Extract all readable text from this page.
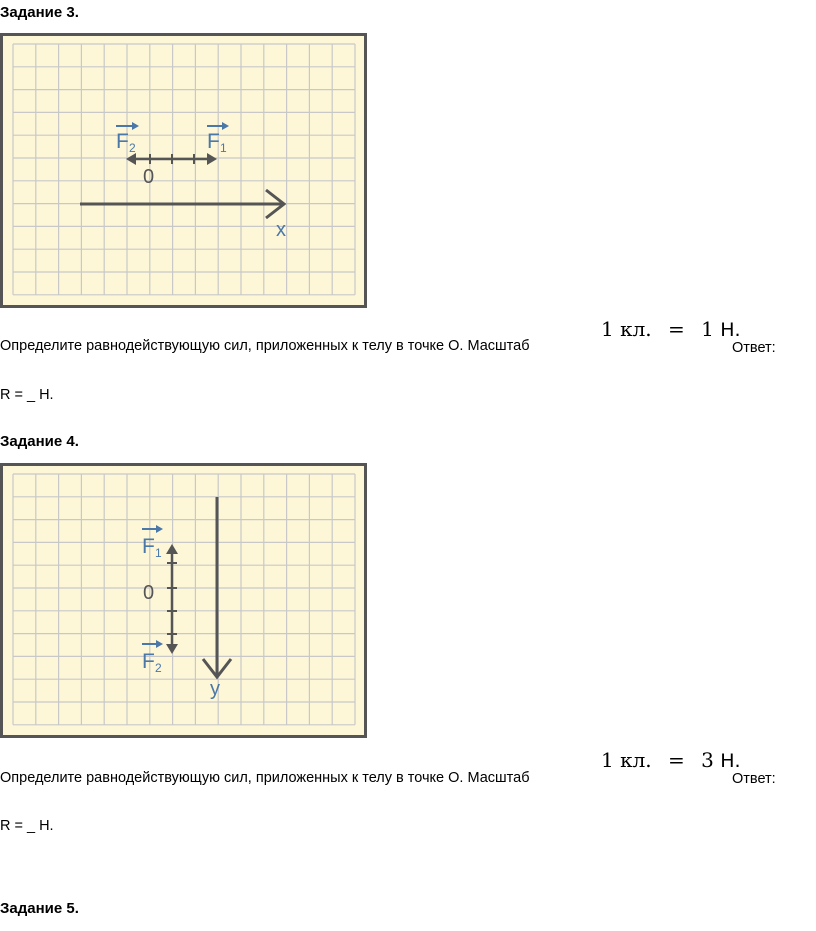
Задание 3.
x
0
F 2	F 1
Определите равнодействующую сил, приложенных к телу в точке О. Масштаб
1 кл. = 1 Н.
Ответ:
R = _ Н.
Задание 4.
y
0
F 1
F 2
Определите равнодействующую сил, приложенных к телу в точке О. Масштаб
1 кл. = 3 Н.
Ответ:
R = _ Н.
Задание 5.
